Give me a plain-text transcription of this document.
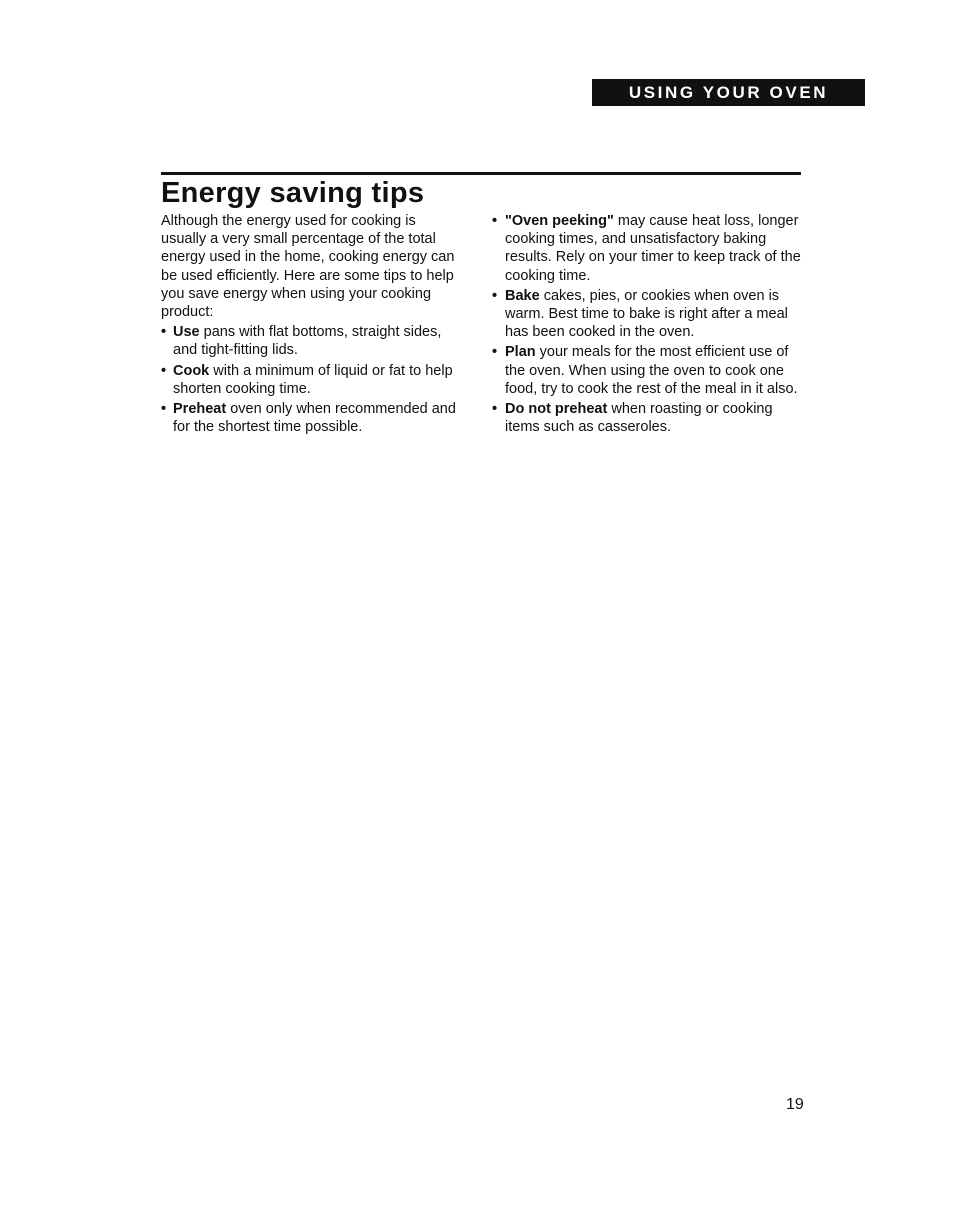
USING YOUR OVEN
Energy saving tips

Although the energy used for cooking is usually a very small percentage of the total energy used in the home, cooking energy can be used efficiently. Here are some tips to help you save energy when using your cooking product:

• Use pans with flat bottoms, straight sides, and tight-fitting lids.
• Cook with a minimum of liquid or fat to help shorten cooking time.
• Preheat oven only when recommended and for the shortest time possible.
• "Oven peeking" may cause heat loss, longer cooking times, and unsatisfactory baking results. Rely on your timer to keep track of the cooking time.
• Bake cakes, pies, or cookies when oven is warm. Best time to bake is right after a meal has been cooked in the oven.
• Plan your meals for the most efficient use of the oven. When using the oven to cook one food, try to cook the rest of the meal in it also.
• Do not preheat when roasting or cooking items such as casseroles.
19
